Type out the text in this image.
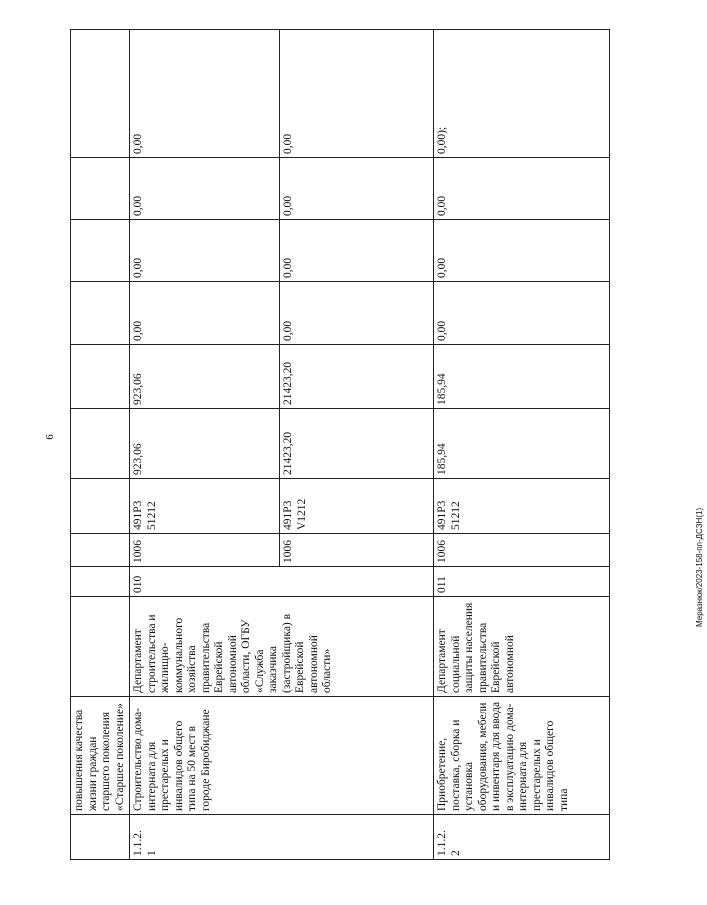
6
Меразнюк/2023-158-пп-ДСЗН(1)
	повышения качества жизни граждан старшего поколения «Старшее поколение»										
1.1.2.
1	Строительство дома-интерната для престарелых и инвалидов общего типа на 50 мест в городе Биробиджане	Департамент строительства и жилищно-коммунального хозяйства правительства Еврейской автономной области, ОГБУ «Служба заказчика (застройщика) в Еврейской автономной области»	010	1006	491Р3 51212	923,06	923,06	0,00	0,00	0,00	0,00
				1006	491Р3 V1212	21423,20	21423,20	0,00	0,00	0,00	0,00
1.1.2.
2	Приобретение, поставка, сборка и установка оборудования, мебели и инвентаря для ввода в эксплуатацию дома-интерната для престарелых и инвалидов общего типа	Департамент социальной защиты населения правительства Еврейской автономной	011	1006	491Р3 51212	185,94	185,94	0,00	0,00	0,00	0,00);
